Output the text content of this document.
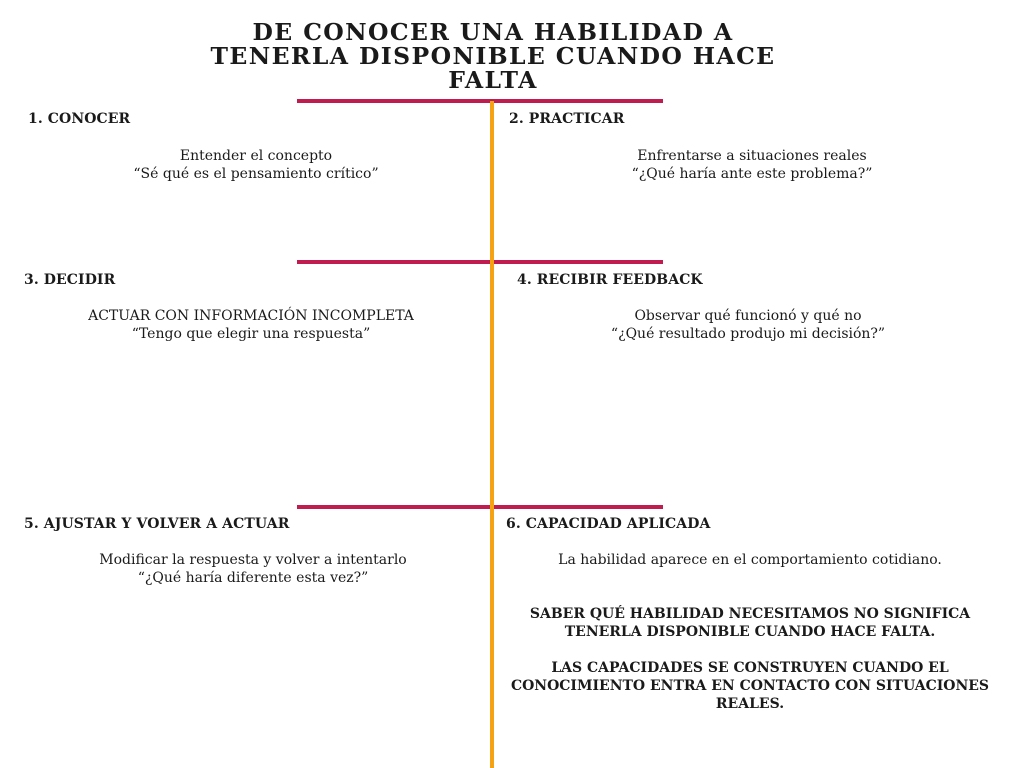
DE CONOCER UNA HABILIDAD A
TENERLA DISPONIBLE CUANDO HACE
FALTA
1. CONOCER
Entender el concepto
“Sé qué es el pensamiento crítico”
2. PRACTICAR
Enfrentarse a situaciones reales
“¿Qué haría ante este problema?”
3. DECIDIR
ACTUAR CON INFORMACIÓN INCOMPLETA
“Tengo que elegir una respuesta”
4. RECIBIR FEEDBACK
Observar qué funcionó y qué no
“¿Qué resultado produjo mi decisión?”
5. AJUSTAR Y VOLVER A ACTUAR
Modificar la respuesta y volver a intentarlo
“¿Qué haría diferente esta vez?”
6. CAPACIDAD APLICADA
La habilidad aparece en el comportamiento cotidiano.
SABER QUÉ HABILIDAD NECESITAMOS NO SIGNIFICA TENERLA DISPONIBLE CUANDO HACE FALTA.
LAS CAPACIDADES SE CONSTRUYEN CUANDO EL CONOCIMIENTO ENTRA EN CONTACTO CON SITUACIONES REALES.
